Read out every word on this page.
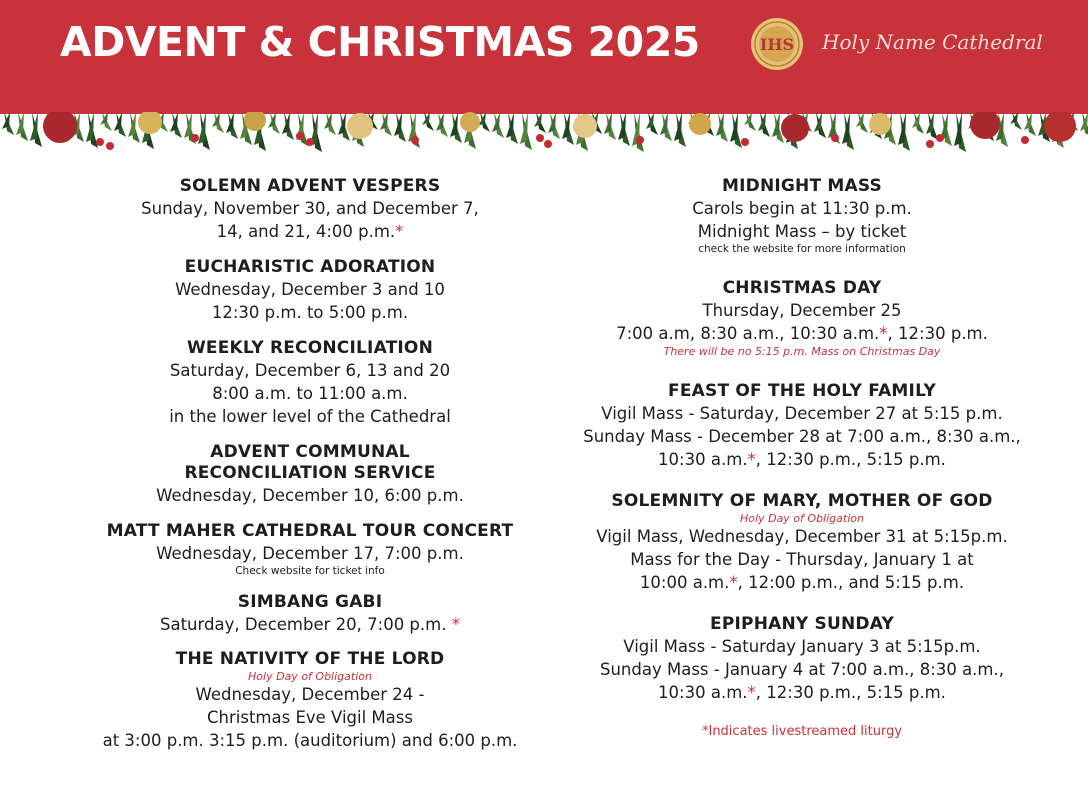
ADVENT & CHRISTMAS 2025	IHS Holy Name Cathedral
SOLEMN ADVENT VESPERS
Sunday, November 30, and December 7,
14, and 21, 4:00 p.m.*
EUCHARISTIC ADORATION
Wednesday, December 3 and 10
12:30 p.m. to 5:00 p.m.
WEEKLY RECONCILIATION
Saturday, December 6, 13 and 20
8:00 a.m. to 11:00 a.m.
in the lower level of the Cathedral
ADVENT COMMUNAL
RECONCILIATION SERVICE
Wednesday, December 10, 6:00 p.m.
MATT MAHER CATHEDRAL TOUR CONCERT
Wednesday, December 17, 7:00 p.m.
Check website for ticket info
SIMBANG GABI
Saturday, December 20, 7:00 p.m. *
THE NATIVITY OF THE LORD
Holy Day of Obligation
Wednesday, December 24 -
Christmas Eve Vigil Mass
at 3:00 p.m. 3:15 p.m. (auditorium) and 6:00 p.m.
MIDNIGHT MASS
Carols begin at 11:30 p.m.
Midnight Mass – by ticket
check the website for more information
CHRISTMAS DAY
Thursday, December 25
7:00 a.m, 8:30 a.m., 10:30 a.m.*, 12:30 p.m.
There will be no 5:15 p.m. Mass on Christmas Day
FEAST OF THE HOLY FAMILY
Vigil Mass - Saturday, December 27 at 5:15 p.m.
Sunday Mass - December 28 at 7:00 a.m., 8:30 a.m.,
10:30 a.m.*, 12:30 p.m., 5:15 p.m.
SOLEMNITY OF MARY, MOTHER OF GOD
Holy Day of Obligation
Vigil Mass, Wednesday, December 31 at 5:15p.m.
Mass for the Day - Thursday, January 1 at
10:00 a.m.*, 12:00 p.m., and 5:15 p.m.
EPIPHANY SUNDAY
Vigil Mass - Saturday January 3 at 5:15p.m.
Sunday Mass - January 4 at 7:00 a.m., 8:30 a.m.,
10:30 a.m.*, 12:30 p.m., 5:15 p.m.
*Indicates livestreamed liturgy
